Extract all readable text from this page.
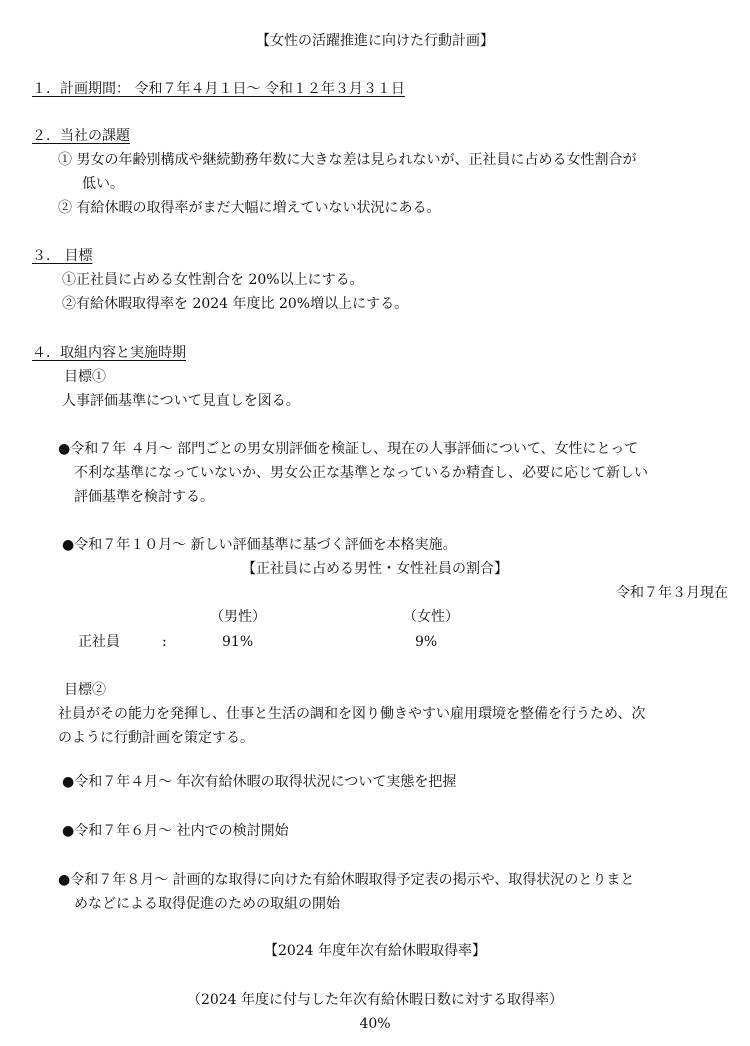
【女性の活躍推進に向けた行動計画】
１．計画期間： 令和７年４月１日～ 令和１２年３月３１日
２．当社の課題
① 男女の年齢別構成や継続勤務年数に大きな差は見られないが、正社員に占める女性割合が
低い。
② 有給休暇の取得率がまだ大幅に増えていない状況にある。
３． 目標
①正社員に占める女性割合を 20%以上にする。
②有給休暇取得率を 2024 年度比 20%増以上にする。
４．取組内容と実施時期
目標①
人事評価基準について見直しを図る。
●令和７年 ４月～ 部門ごとの男女別評価を検証し、現在の人事評価について、女性にとって
不利な基準になっていないか、男女公正な基準となっているか精査し、必要に応じて新しい
評価基準を検討する。
●令和７年１０月～ 新しい評価基準に基づく評価を本格実施。
【正社員に占める男性・女性社員の割合】
令和７年３月現在
（男性）	（女性）
正社員	:	91%	9%
目標②
社員がその能力を発揮し、仕事と生活の調和を図り働きやすい雇用環境を整備を行うため、次
のように行動計画を策定する。
●令和７年４月～ 年次有給休暇の取得状況について実態を把握
●令和７年６月～ 社内での検討開始
●令和７年８月～ 計画的な取得に向けた有給休暇取得予定表の掲示や、取得状況のとりまと
めなどによる取得促進のための取組の開始
【2024 年度年次有給休暇取得率】
（2024 年度に付与した年次有給休暇日数に対する取得率）
40%
